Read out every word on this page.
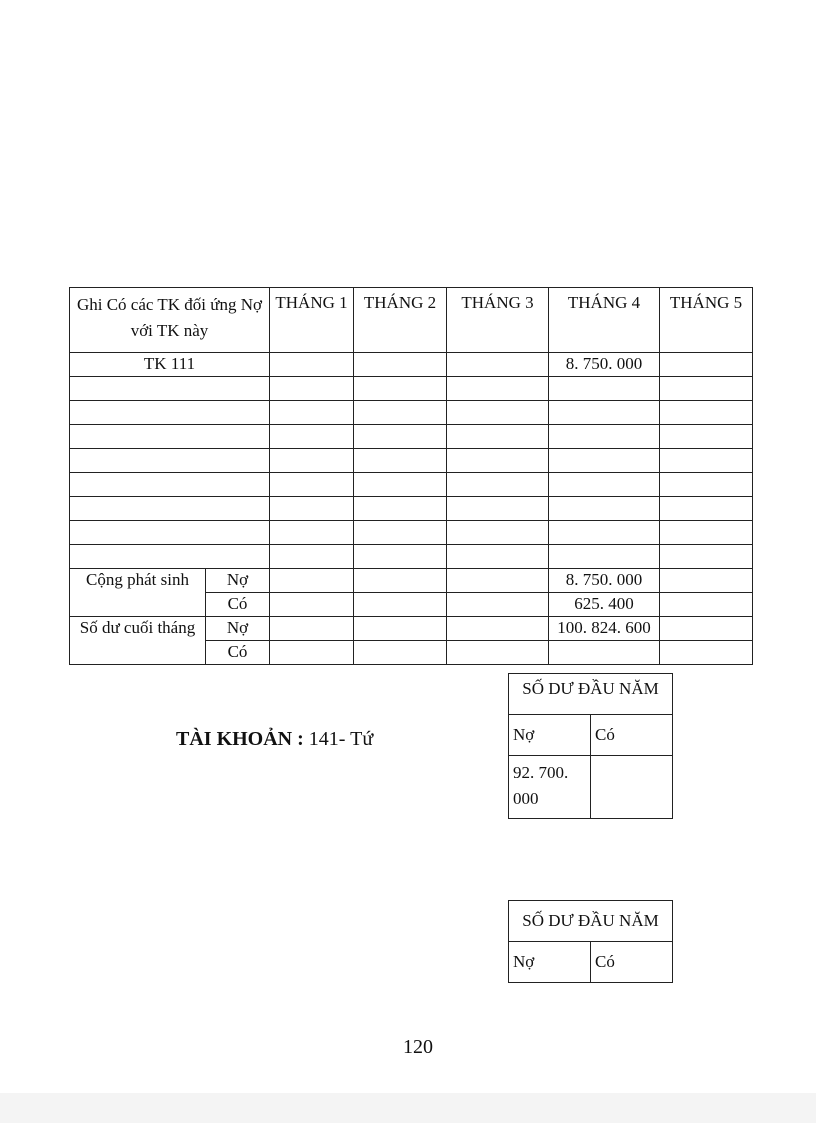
Ghi Có các TK đối ứng Nợ với TK này		THÁNG 1	THÁNG 2	THÁNG 3	THÁNG 4	THÁNG 5
TK 111					8. 750. 000	

Cộng phát sinh	Nợ				8. 750. 000	
	Có				625. 400	
Số dư cuối tháng	Nợ				100. 824. 600	
	Có					
SỐ DƯ ĐẦU NĂM	
Nợ	Có
92. 700. 000	
TÀI KHOẢN : 141- Tứ
SỐ DƯ ĐẦU NĂM
Nợ	Có
120
